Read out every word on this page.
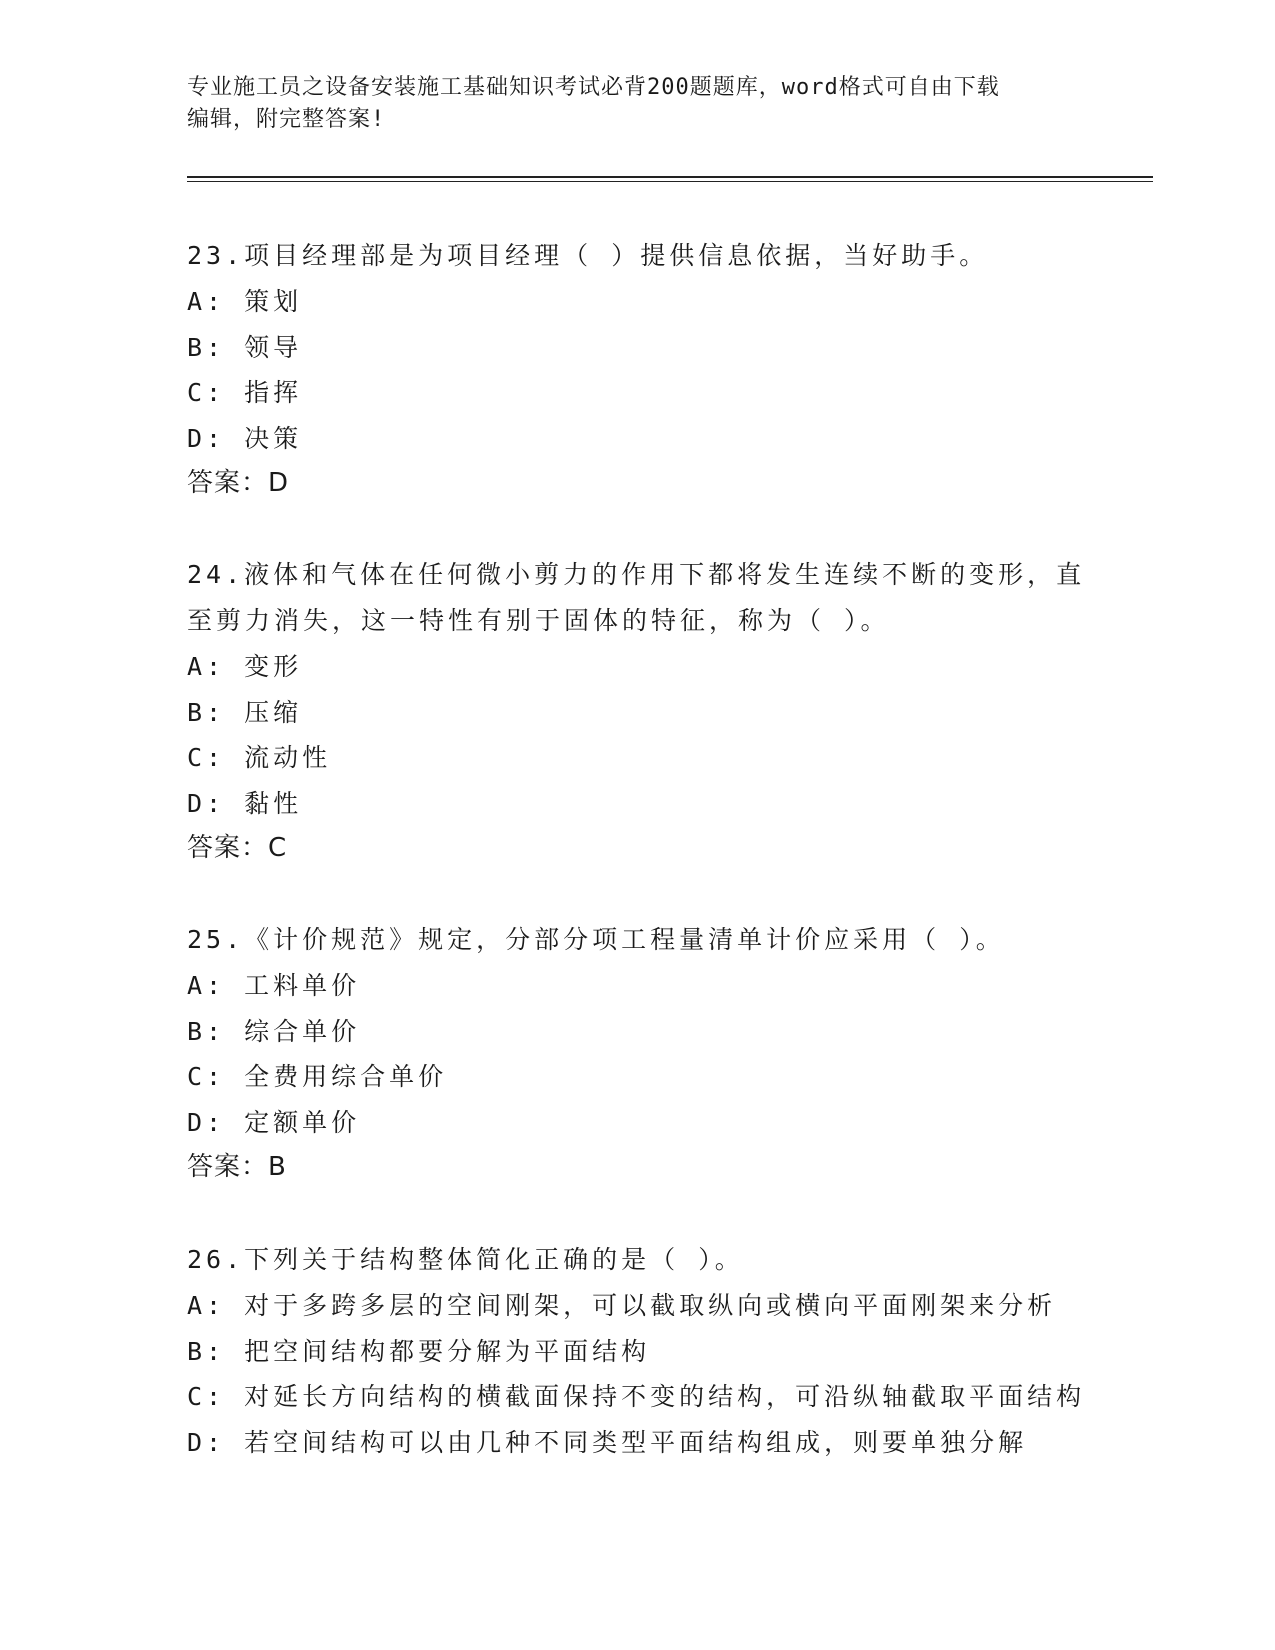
专业施工员之设备安装施工基础知识考试必背200题题库，word格式可自由下载
编辑，附完整答案!

23.项目经理部是为项目经理（ ）提供信息依据，当好助手。

A: 策划

B: 领导

C: 指挥

D: 决策

答案：D

24.液体和气体在任何微小剪力的作用下都将发生连续不断的变形，直

至剪力消失，这一特性有别于固体的特征，称为（ ）。

A: 变形

B: 压缩

C: 流动性

D: 黏性

答案：C

25.《计价规范》规定，分部分项工程量清单计价应采用（ ）。

A: 工料单价

B: 综合单价

C: 全费用综合单价

D: 定额单价

答案：B

26.下列关于结构整体简化正确的是（ ）。

A: 对于多跨多层的空间刚架，可以截取纵向或横向平面刚架来分析

B: 把空间结构都要分解为平面结构

C: 对延长方向结构的横截面保持不变的结构，可沿纵轴截取平面结构

D: 若空间结构可以由几种不同类型平面结构组成，则要单独分解
